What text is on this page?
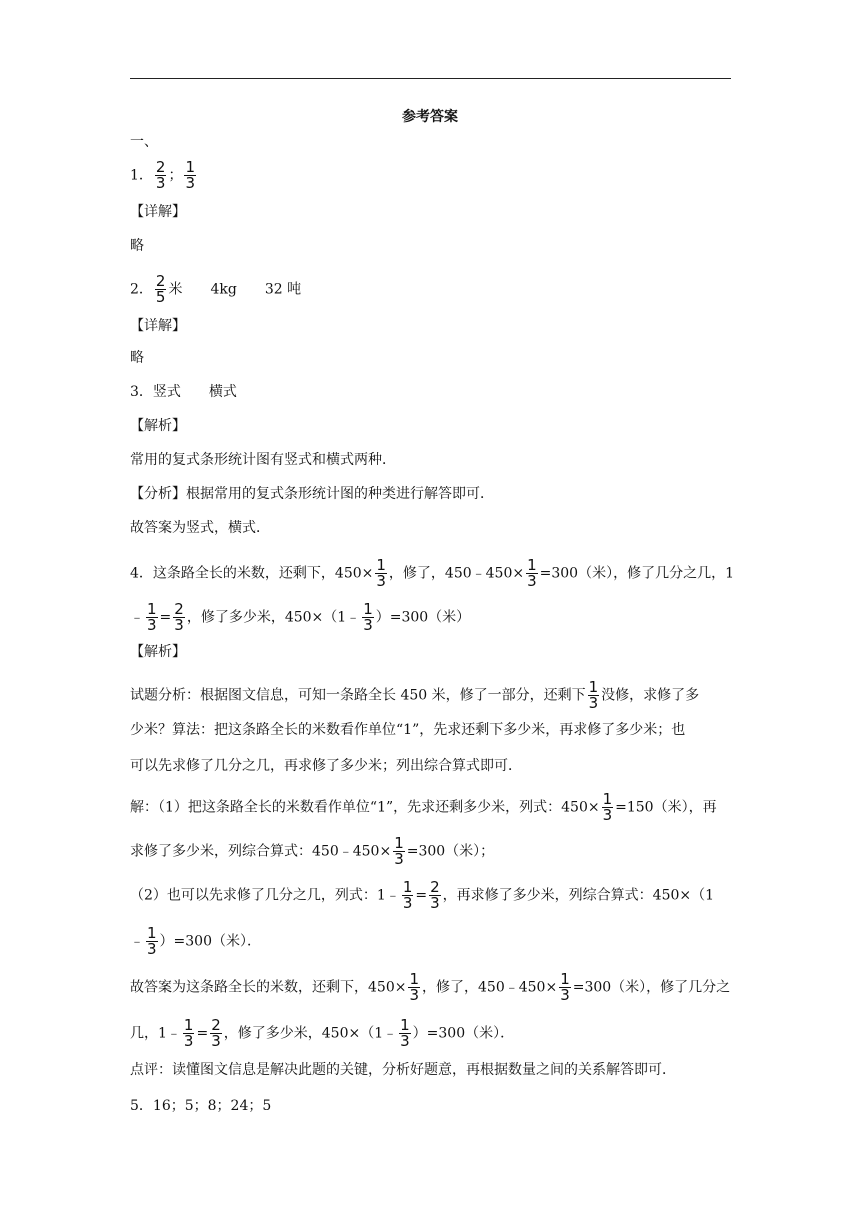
参考答案
一、
1． $\frac{2}{3}$ ； $\frac{1}{3}$
【详解】
略
2． $\frac{2}{5}$ 米 4kg 32 吨
【详解】
略
3．竖式　　横式
【解析】
常用的复式条形统计图有竖式和横式两种．
【分析】根据常用的复式条形统计图的种类进行解答即可．
故答案为竖式，横式．
4．这条路全长的米数，还剩下，$450\times \frac{1}{3}$ ，修了，450﹣450× $\frac{1}{3} =300$（米），修了几分之几，1
﹣ $\frac{1}{3} = \frac{2}{3}$ ，修了多少米，450×（1﹣ $\frac{1}{3} )=300$（米）
【解析】
试题分析：根据图文信息，可知一条路全长 450 米，修了一部分，还剩下 $\frac{1}{3}$ 没修，求修了多
少米？算法：把这条路全长的米数看作单位“1”，先求还剩下多少米，再求修了多少米；也
可以先求修了几分之几，再求修了多少米；列出综合算式即可．
解：（1）把这条路全长的米数看作单位“1”，先求还剩多少米，列式：$450\times \frac{1}{3} =150$（米），再
求修了多少米，列综合算式：450﹣450× $\frac{1}{3} =300$（米）；
（2）也可以先求修了几分之几，列式：1﹣ $\frac{1}{3} = \frac{2}{3}$ ，再求修了多少米，列综合算式：450×（1
﹣ $\frac{1}{3} )=300$（米）．
故答案为这条路全长的米数，还剩下，$450\times \frac{1}{3}$ ，修了，450﹣450× $\frac{1}{3} =300$（米），修了几分之
几，1﹣ $\frac{1}{3} = \frac{2}{3}$ ，修了多少米，450×（1﹣ $\frac{1}{3} )=300$（米）．
点评：读懂图文信息是解决此题的关键，分析好题意，再根据数量之间的关系解答即可．
5．16；5；8；24；5
